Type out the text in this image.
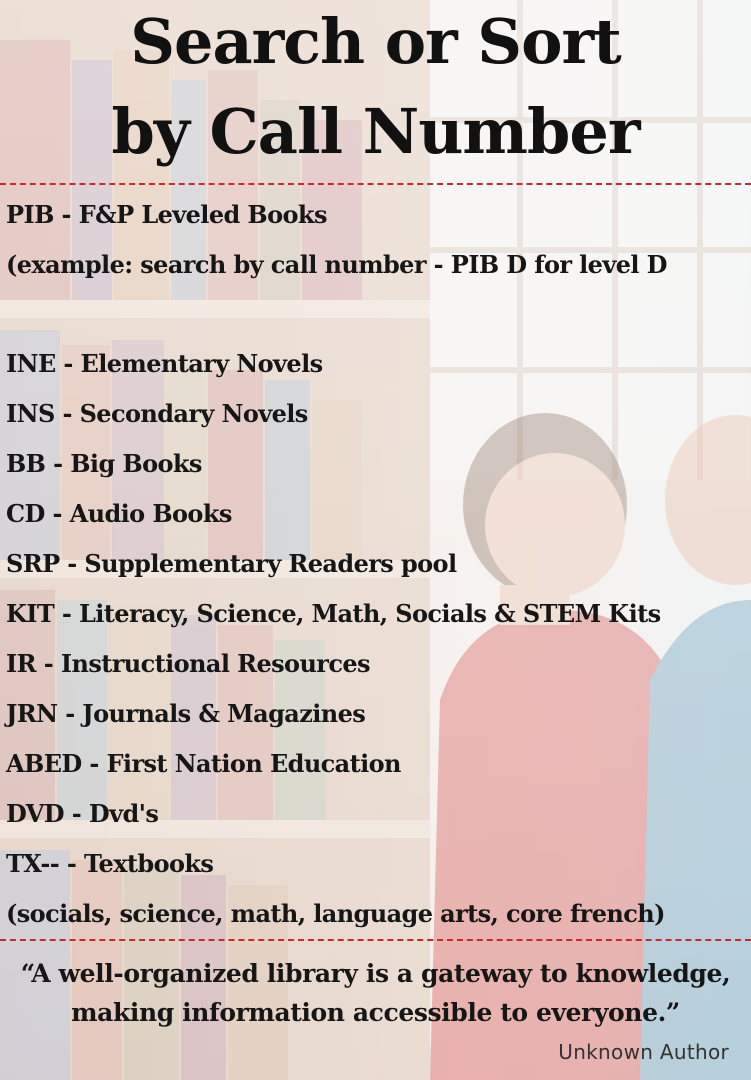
Search or Sort
by Call Number
PIB - F&P Leveled Books
(example: search by call number - PIB D for level D
INE - Elementary Novels
INS - Secondary Novels
BB - Big Books
CD - Audio Books
SRP - Supplementary Readers pool
KIT - Literacy, Science, Math, Socials & STEM Kits
IR - Instructional Resources
JRN - Journals & Magazines
ABED - First Nation Education
DVD - Dvd's
TX-- - Textbooks
(socials, science, math, language arts, core french)

“A well-organized library is a gateway to knowledge, making information accessible to everyone.”

Unknown Author
